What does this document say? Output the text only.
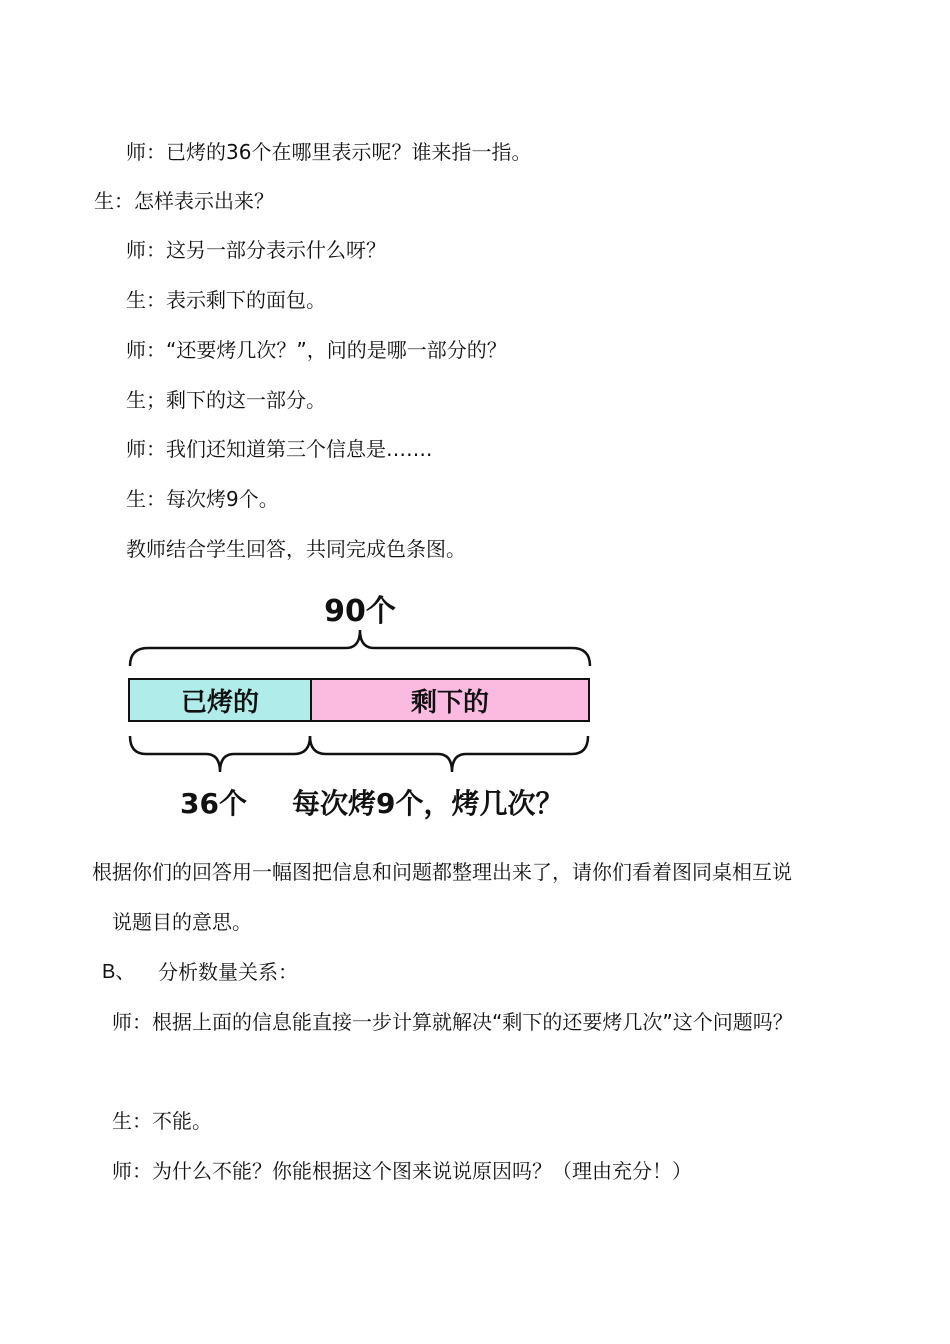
师：已烤的36个在哪里表示呢？谁来指一指。
生：怎样表示出来？
师：这另一部分表示什么呀？
生：表示剩下的面包。
师：“还要烤几次？”，问的是哪一部分的？
生；剩下的这一部分。
师：我们还知道第三个信息是…….
生：每次烤9个。
教师结合学生回答，共同完成色条图。
90个
已烤的	剩下的
36个 每次烤9个，烤几次？
根据你们的回答用一幅图把信息和问题都整理出来了，请你们看着图同桌相互说
说题目的意思。
B、 分析数量关系：
师：根据上面的信息能直接一步计算就解决“剩下的还要烤几次”这个问题吗？
生：不能。
师：为什么不能？你能根据这个图来说说原因吗？（理由充分！）
